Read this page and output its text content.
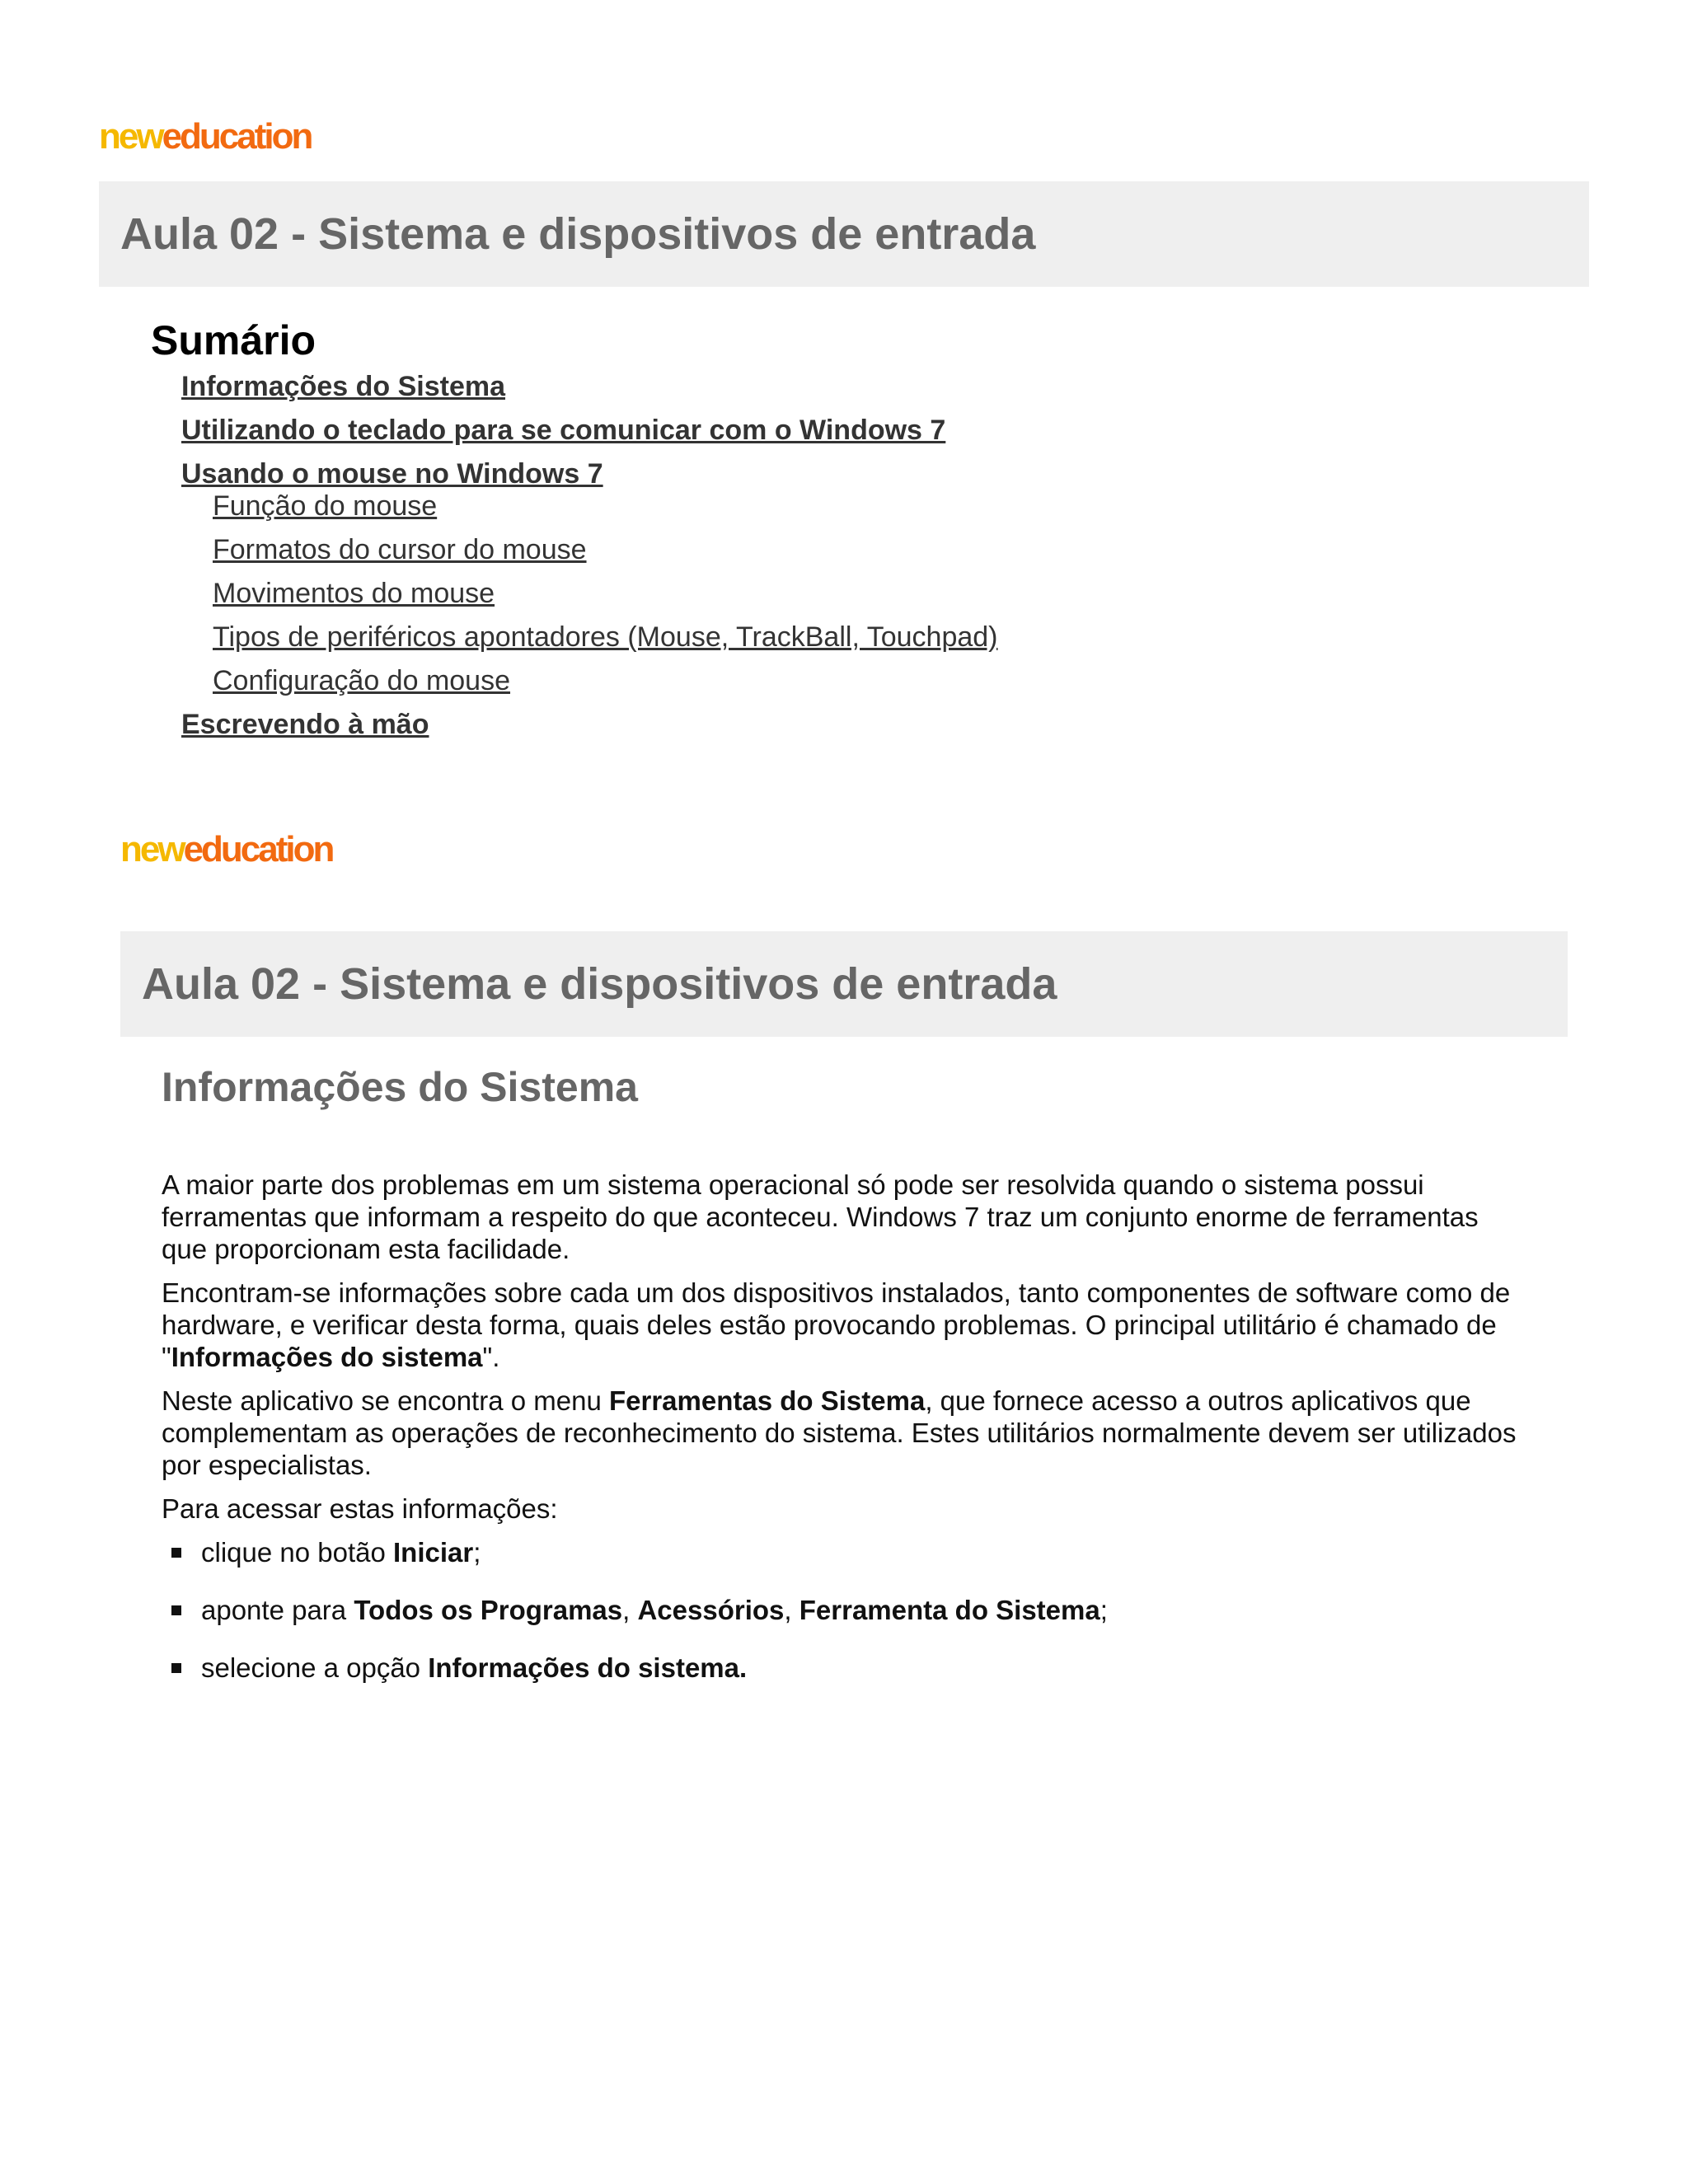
neweducation
Aula 02 - Sistema e dispositivos de entrada
Sumário
Informações do Sistema
Utilizando o teclado para se comunicar com o Windows 7
Usando o mouse no Windows 7
Função do mouse
Formatos do cursor do mouse
Movimentos do mouse
Tipos de periféricos apontadores (Mouse, TrackBall, Touchpad)
Configuração do mouse
Escrevendo à mão
neweducation
Aula 02 - Sistema e dispositivos de entrada
Informações do Sistema

A maior parte dos problemas em um sistema operacional só pode ser resolvida quando o sistema possui ferramentas que informam a respeito do que aconteceu. Windows 7 traz um conjunto enorme de ferramentas que proporcionam esta facilidade.

Encontram-se informações sobre cada um dos dispositivos instalados, tanto componentes de software como de hardware, e verificar desta forma, quais deles estão provocando problemas. O principal utilitário é chamado de "Informações do sistema".

Neste aplicativo se encontra o menu Ferramentas do Sistema, que fornece acesso a outros aplicativos que complementam as operações de reconhecimento do sistema. Estes utilitários normalmente devem ser utilizados por especialistas.

Para acessar estas informações:

clique no botão Iniciar;
aponte para Todos os Programas, Acessórios, Ferramenta do Sistema;
selecione a opção Informações do sistema.
